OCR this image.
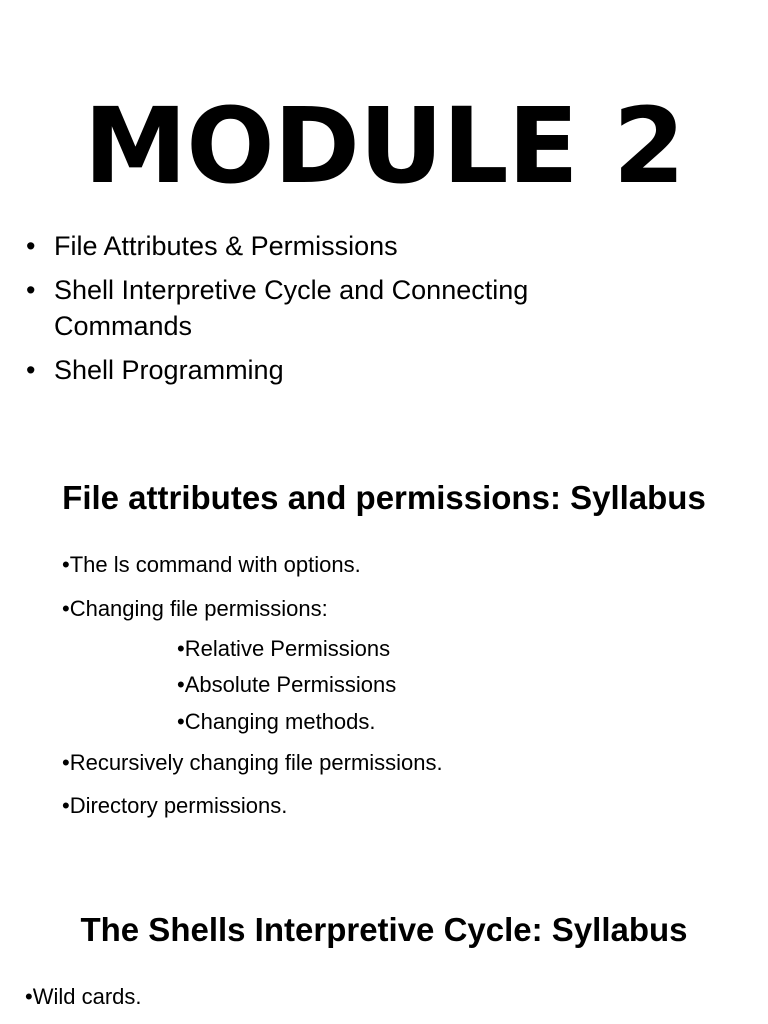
MODULE 2
• File Attributes & Permissions
• Shell Interpretive Cycle and Connecting Commands
• Shell Programming
File attributes and permissions: Syllabus
•The ls command with options.
•Changing file permissions:
•Relative Permissions
•Absolute Permissions
•Changing methods.
•Recursively changing file permissions.
•Directory permissions.
The Shells Interpretive Cycle: Syllabus
•Wild cards.
